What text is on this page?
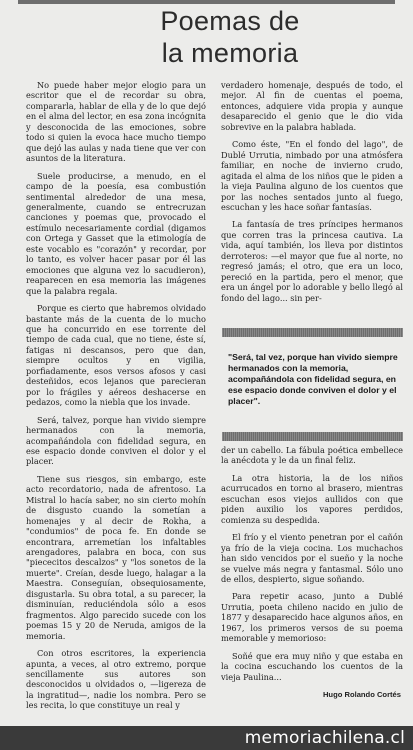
Poemas de
la memoria

No puede haber mejor elogio para un escritor que el de recordar su obra, compararla, hablar de ella y de lo que dejó en el alma del lector, en esa zona incógnita y desconocida de las emociones, sobre todo si quien la evoca hace mucho tiempo que dejó las aulas y nada tiene que ver con asuntos de la literatura.

Suele producirse, a menudo, en el campo de la poesía, esa combustión sentimental alrededor de una mesa, generalmente, cuando se entrecruzan canciones y poemas que, provocado el estímulo necesariamente cordial (digamos con Ortega y Gasset que la etimología de este vocablo es "corazón" y recordar, por lo tanto, es volver hacer pasar por él las emociones que alguna vez lo sacudieron), reaparecen en esa memoria las imágenes que la palabra regala.

Porque es cierto que habremos olvidado bastante más de la cuenta de lo mucho que ha concurrido en ese torrente del tiempo de cada cual, que no tiene, éste sí, fatigas ni descansos, pero que dan, siempre ocultos y en vigilia, porfiadamente, esos versos afosos y casi desteñidos, ecos lejanos que parecieran por lo frágiles y aéreos deshacerse en pedazos, como la niebla que los invade.

Será, talvez, porque han vivido siempre hermanados con la memoria, acompañándola con fidelidad segura, en ese espacio donde conviven el dolor y el placer.

Tiene sus riesgos, sin embargo, este acto recordatorio, nada de afrentoso. La Mistral lo hacía saber, no sin cierto mohín de disgusto cuando la sometían a homenajes y al decir de Rokha, a "condumios" de poca fe. En donde se encontrara, arremetían los infaltables arengadores, palabra en boca, con sus "piececitos descalzos" y "los sonetos de la muerte". Creían, desde luego, halagar a la Maestra. Conseguían, obsequiosamente, disgustarla. Su obra total, a su parecer, la disminuían, reduciéndola sólo a esos fragmentos. Algo parecido sucede con los poemas 15 y 20 de Neruda, amigos de la memoria.

Con otros escritores, la experiencia apunta, a veces, al otro extremo, porque sencillamente sus autores son desconocidos u olvidados o, —ligereza de la ingratitud—, nadie los nombra. Pero se les recita, lo que constituye un real y

verdadero homenaje, después de todo, el mejor. Al fin de cuentas el poema, entonces, adquiere vida propia y aunque desaparecido el genio que le dio vida sobrevive en la palabra hablada.

Como éste, "En el fondo del lago", de Dublé Urrutia, nimbado por una atmósfera familiar, en noche de invierno crudo, agitada el alma de los niños que le piden a la vieja Paulina alguno de los cuentos que por las noches sentados junto al fuego, escuchan y les hace soñar fantasías.

La fantasía de tres príncipes hermanos que corren tras la princesa cautiva. La vida, aquí también, los lleva por distintos derroteros: —el mayor que fue al norte, no regresó jamás; el otro, que era un loco, pereció en la partida, pero el menor, que era un ángel por lo adorable y bello llegó al fondo del lago... sin per-

"Será, tal vez, porque han vivido siempre hermanados con la memoria, acompañándola con fidelidad segura, en ese espacio donde conviven el dolor y el placer".

der un cabello. La fábula poética embellece la anécdota y le da un final feliz.

La otra historia, la de los niños acurrucados en torno al brasero, mientras escuchan esos viejos aullidos con que piden auxilio los vapores perdidos, comienza su despedida.

El frío y el viento penetran por el cañón ya frío de la vieja cocina. Los muchachos han sido vencidos por el sueño y la noche se vuelve más negra y fantasmal. Sólo uno de ellos, despierto, sigue soñando.

Para repetir acaso, junto a Dublé Urrutia, poeta chileno nacido en julio de 1877 y desaparecido hace algunos años, en 1967, los primeros versos de su poema memorable y memorioso:

Soñé que era muy niño y que estaba en la cocina escuchando los cuentos de la vieja Paulina...

Hugo Rolando Cortés
memoriachilena.cl
